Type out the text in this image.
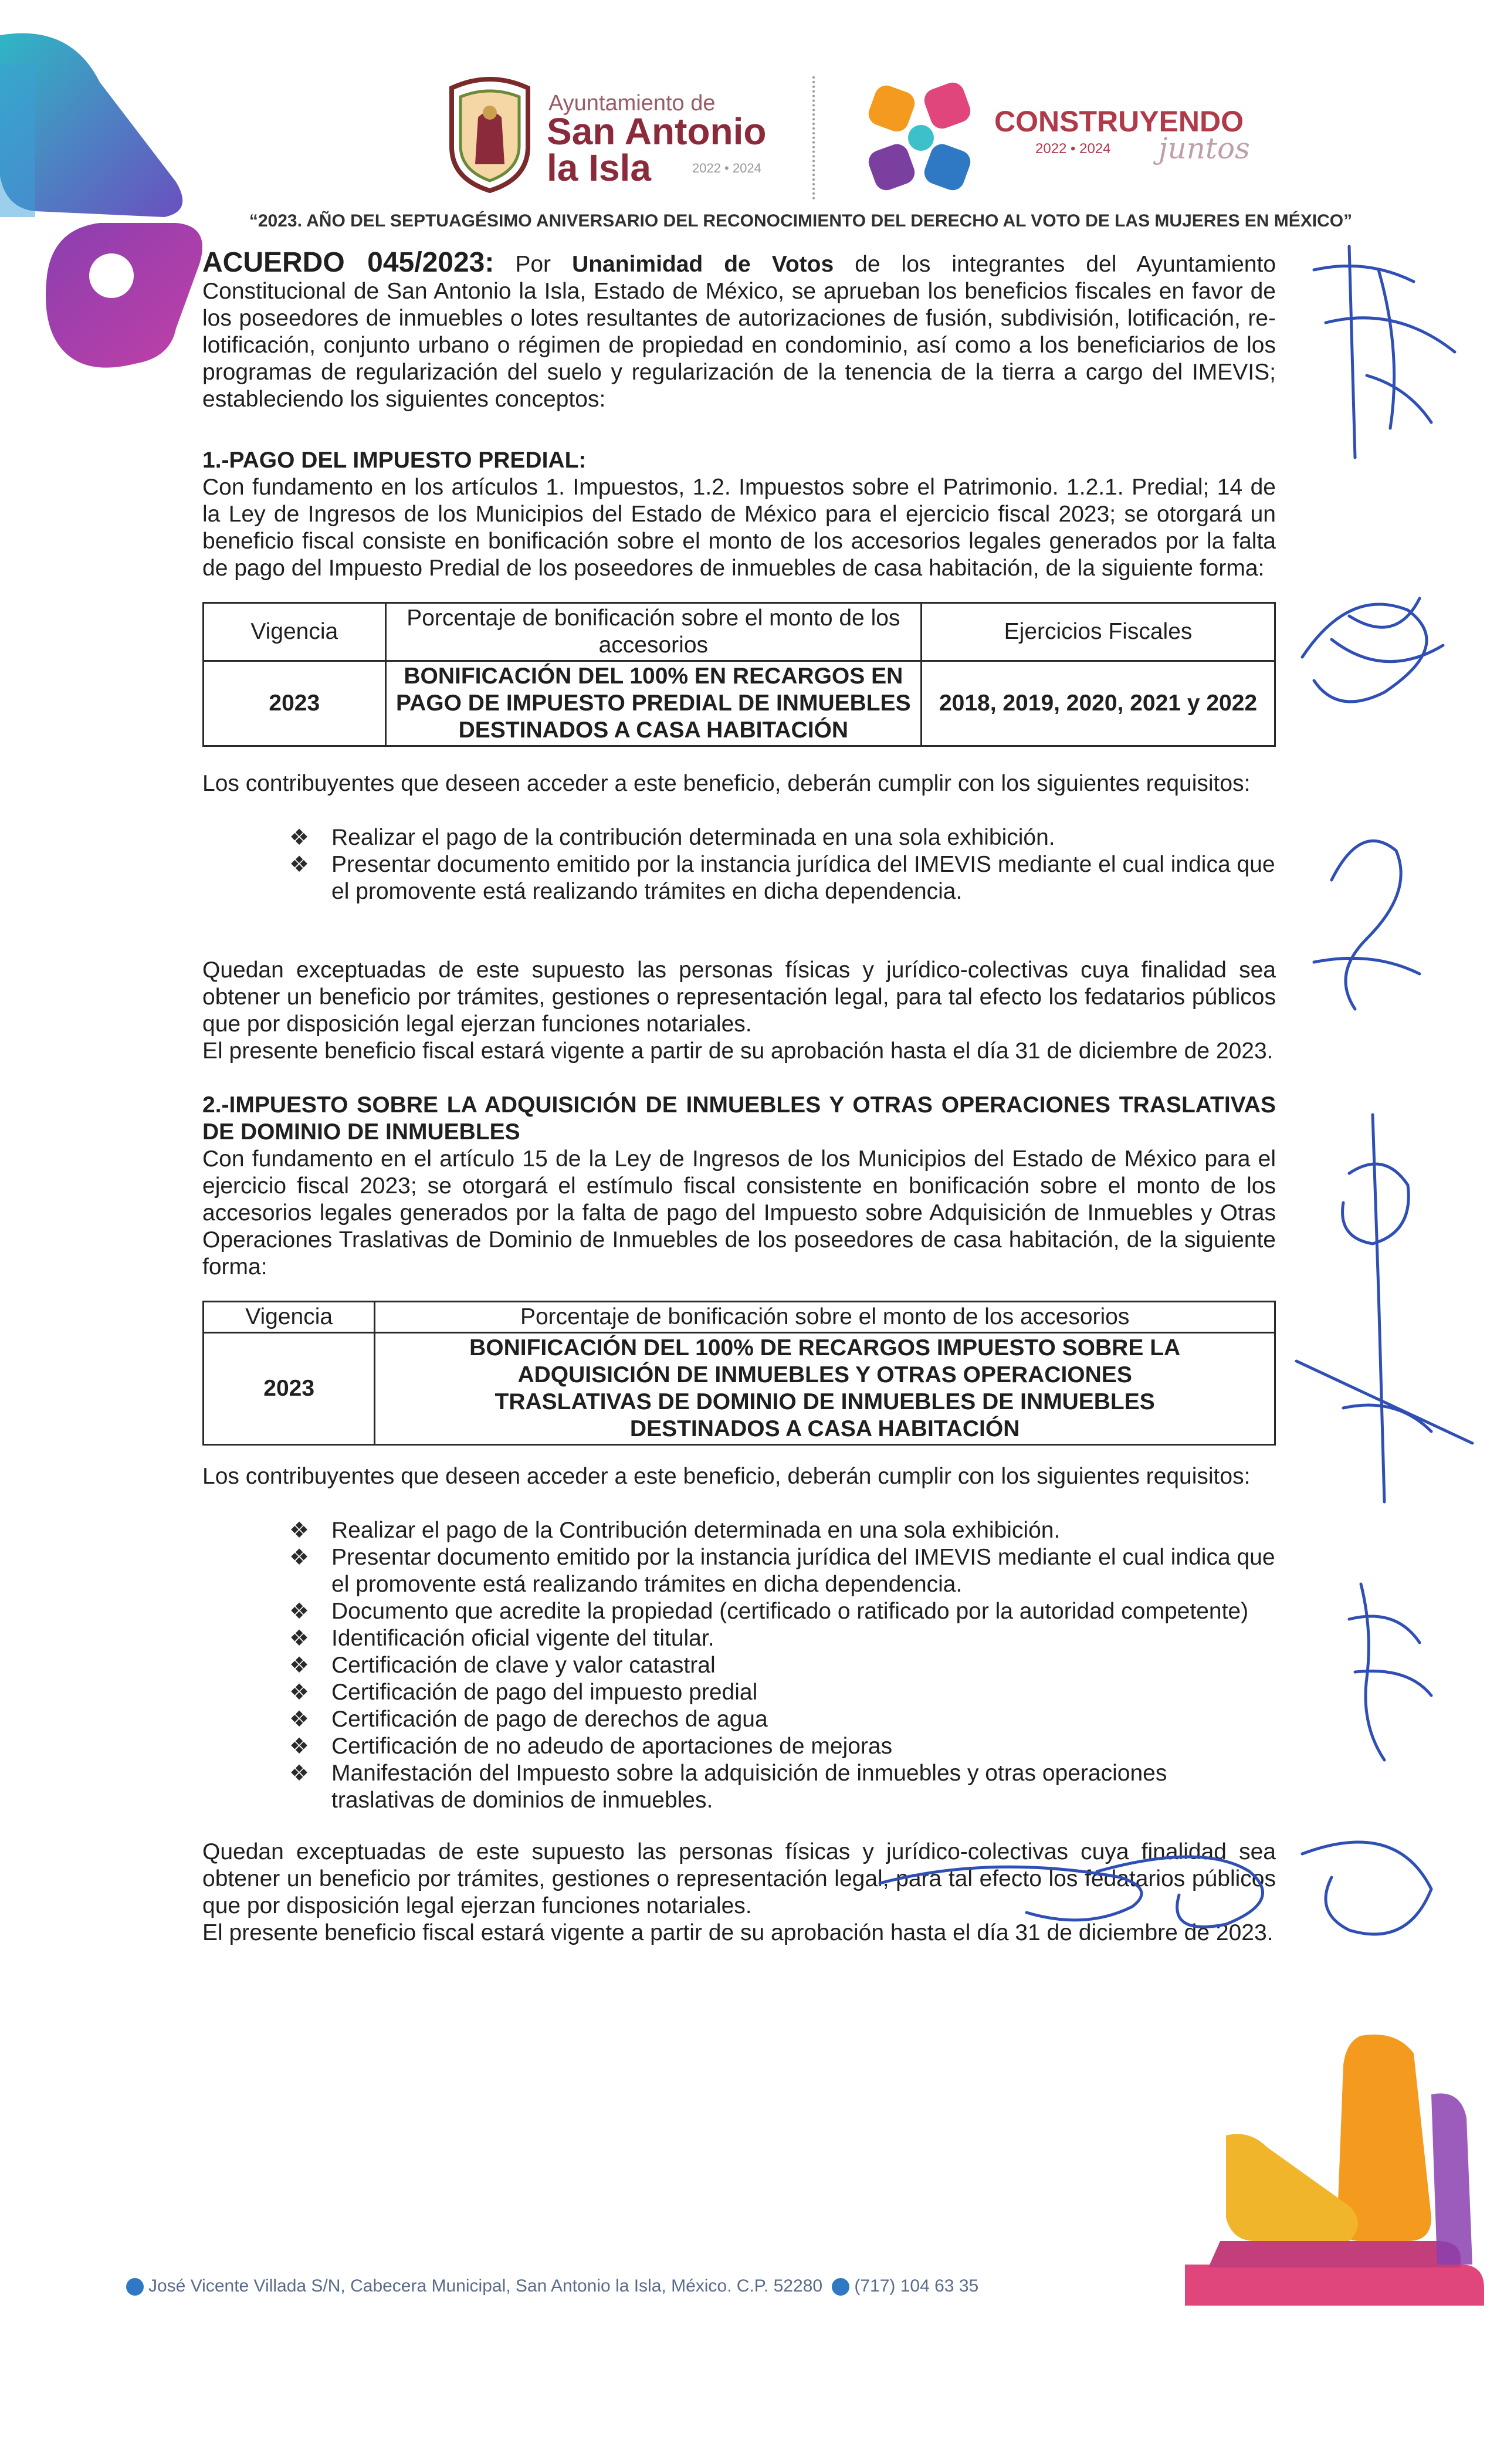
Ayuntamiento de
San Antonio
la Isla	2022 • 2024
CONSTRUYENDO
2022 • 2024 juntos
“2023. AÑO DEL SEPTUAGÉSIMO ANIVERSARIO DEL RECONOCIMIENTO DEL DERECHO AL VOTO DE LAS MUJERES EN MÉXICO”

ACUERDO 045/2023: Por Unanimidad de Votos de los integrantes del Ayuntamiento Constitucional de San Antonio la Isla, Estado de México, se aprueban los beneficios fiscales en favor de los poseedores de inmuebles o lotes resultantes de autorizaciones de fusión, subdivisión, lotificación, re-lotificación, conjunto urbano o régimen de propiedad en condominio, así como a los beneficiarios de los programas de regularización del suelo y regularización de la tenencia de la tierra a cargo del IMEVIS; estableciendo los siguientes conceptos:

1.-PAGO DEL IMPUESTO PREDIAL:

Con fundamento en los artículos 1. Impuestos, 1.2. Impuestos sobre el Patrimonio. 1.2.1. Predial; 14 de la Ley de Ingresos de los Municipios del Estado de México para el ejercicio fiscal 2023; se otorgará un beneficio fiscal consiste en bonificación sobre el monto de los accesorios legales generados por la falta de pago del Impuesto Predial de los poseedores de inmuebles de casa habitación, de la siguiente forma:

Vigencia	Porcentaje de bonificación sobre el monto de los accesorios	Ejercicios Fiscales
2023	BONIFICACIÓN DEL 100% EN RECARGOS EN PAGO DE IMPUESTO PREDIAL DE INMUEBLES DESTINADOS A CASA HABITACIÓN	2018, 2019, 2020, 2021 y 2022

Los contribuyentes que deseen acceder a este beneficio, deberán cumplir con los siguientes requisitos:

❖ Realizar el pago de la contribución determinada en una sola exhibición.
❖ Presentar documento emitido por la instancia jurídica del IMEVIS mediante el cual indica que el promovente está realizando trámites en dicha dependencia.

Quedan exceptuadas de este supuesto las personas físicas y jurídico-colectivas cuya finalidad sea obtener un beneficio por trámites, gestiones o representación legal, para tal efecto los fedatarios públicos que por disposición legal ejerzan funciones notariales.

El presente beneficio fiscal estará vigente a partir de su aprobación hasta el día 31 de diciembre de 2023.

2.-IMPUESTO SOBRE LA ADQUISICIÓN DE INMUEBLES Y OTRAS OPERACIONES TRASLATIVAS DE DOMINIO DE INMUEBLES

Con fundamento en el artículo 15 de la Ley de Ingresos de los Municipios del Estado de México para el ejercicio fiscal 2023; se otorgará el estímulo fiscal consistente en bonificación sobre el monto de los accesorios legales generados por la falta de pago del Impuesto sobre Adquisición de Inmuebles y Otras Operaciones Traslativas de Dominio de Inmuebles de los poseedores de casa habitación, de la siguiente forma:

Vigencia	Porcentaje de bonificación sobre el monto de los accesorios
2023	BONIFICACIÓN DEL 100% DE RECARGOS IMPUESTO SOBRE LA ADQUISICIÓN DE INMUEBLES Y OTRAS OPERACIONES TRASLATIVAS DE DOMINIO DE INMUEBLES DE INMUEBLES DESTINADOS A CASA HABITACIÓN

Los contribuyentes que deseen acceder a este beneficio, deberán cumplir con los siguientes requisitos:

❖ Realizar el pago de la Contribución determinada en una sola exhibición.
❖ Presentar documento emitido por la instancia jurídica del IMEVIS mediante el cual indica que el promovente está realizando trámites en dicha dependencia.
❖ Documento que acredite la propiedad (certificado o ratificado por la autoridad competente)
❖ Identificación oficial vigente del titular.
❖ Certificación de clave y valor catastral
❖ Certificación de pago del impuesto predial
❖ Certificación de pago de derechos de agua
❖ Certificación de no adeudo de aportaciones de mejoras
❖ Manifestación del Impuesto sobre la adquisición de inmuebles y otras operaciones traslativas de dominios de inmuebles.

Quedan exceptuadas de este supuesto las personas físicas y jurídico-colectivas cuya finalidad sea obtener un beneficio por trámites, gestiones o representación legal, para tal efecto los fedatarios públicos que por disposición legal ejerzan funciones notariales.

El presente beneficio fiscal estará vigente a partir de su aprobación hasta el día 31 de diciembre de 2023.

José Vicente Villada S/N, Cabecera Municipal, San Antonio la Isla, México. C.P. 52280 (717) 104 63 35
